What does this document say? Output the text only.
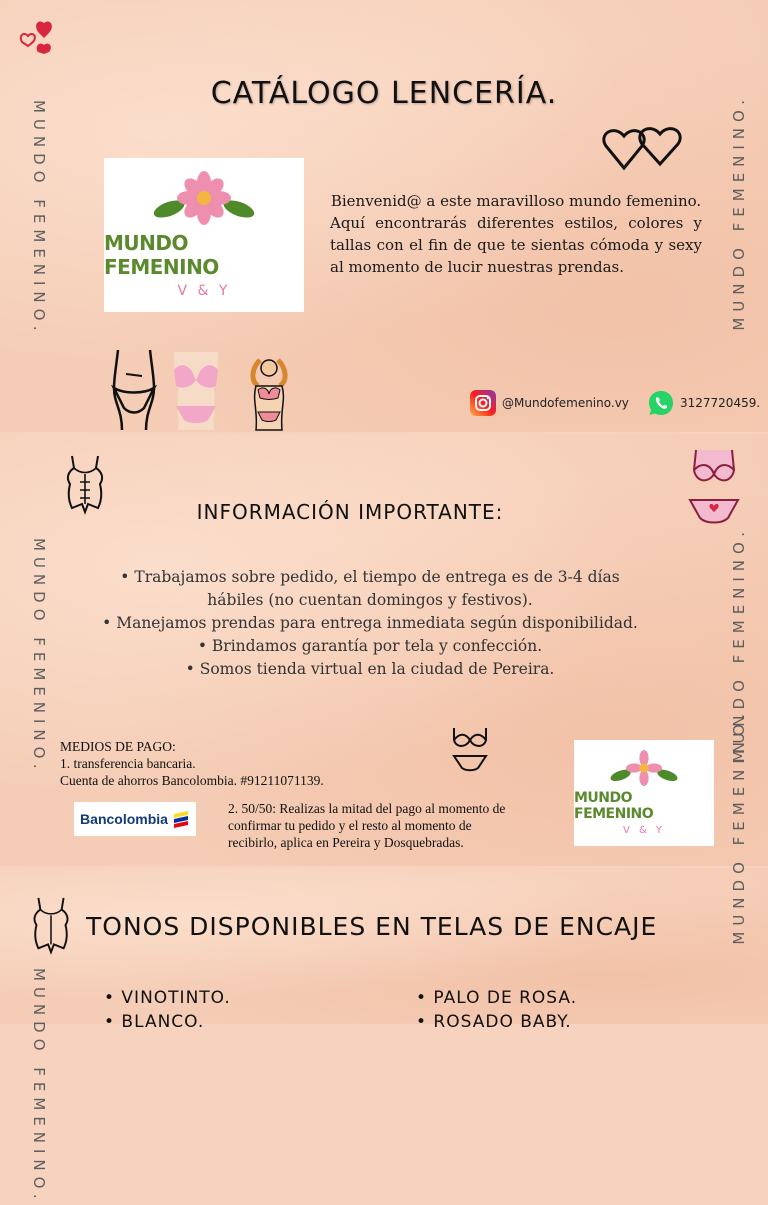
MUNDO FEMENINO.	MUNDO FEMENINO.
CATÁLOGO LENCERÍA.
MUNDO FEMENINO
V & Y
Bienvenid@ a este maravilloso mundo femenino.
Aquí encontrarás diferentes estilos, colores y tallas con el fin de que te sientas cómoda y sexy al momento de lucir nuestras prendas.
@Mundofemenino.vy	3127720459.
MUNDO FEMENINO.	MUNDO FEMENINO.
INFORMACIÓN IMPORTANTE:
• Trabajamos sobre pedido, el tiempo de entrega es de 3-4 días hábiles (no cuentan domingos y festivos).
• Manejamos prendas para entrega inmediata según disponibilidad.
• Brindamos garantía por tela y confección.
• Somos tienda virtual en la ciudad de Pereira.
MEDIOS DE PAGO:
1. transferencia bancaria.
Cuenta de ahorros Bancolombia. #91211071139.
Bancolombia
2. 50/50: Realizas la mitad del pago al momento de confirmar tu pedido y el resto al momento de recibirlo, aplica en Pereira y Dosquebradas.
MUNDO FEMENINO
V & Y
MUNDO FEMENINO.
MUNDO FEMENINO.
TONOS DISPONIBLES EN TELAS DE ENCAJE
• VINOTINTO.
• BLANCO.
• PALO DE ROSA.
• ROSADO BABY.
